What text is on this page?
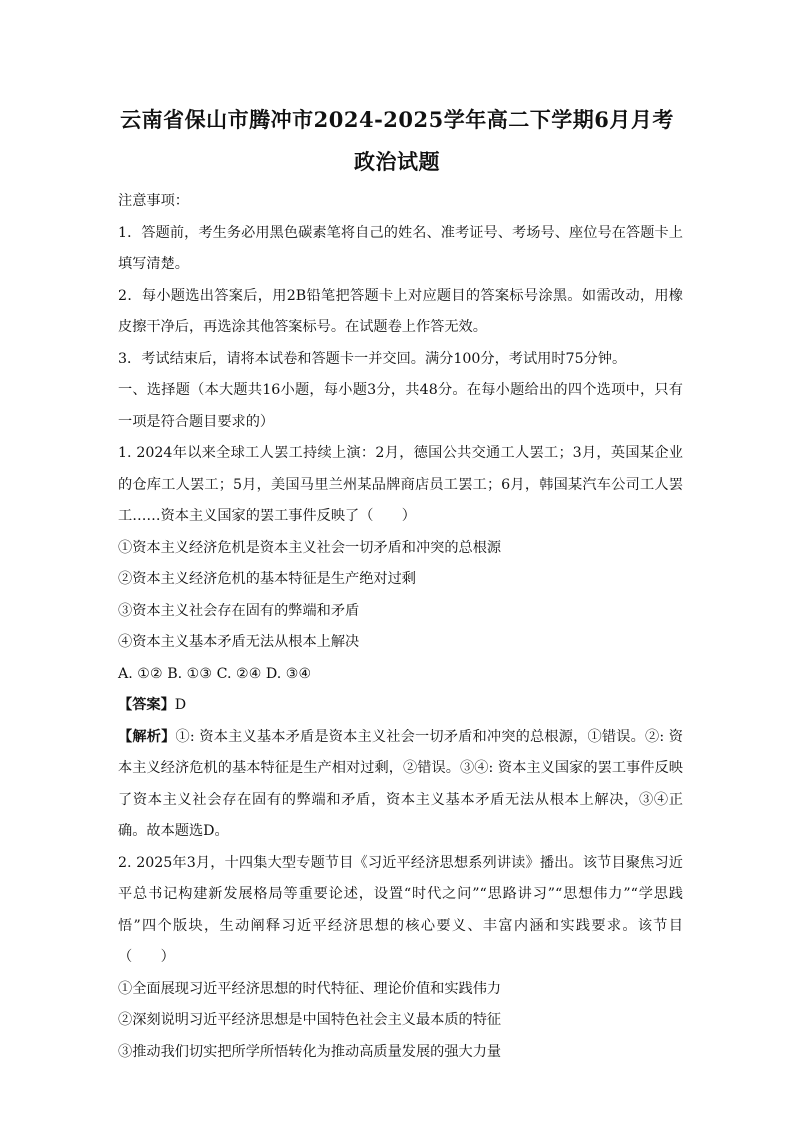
云南省保山市腾冲市2024-2025学年高二下学期6月月考
政治试题

注意事项：

1．答题前，考生务必用黑色碳素笔将自己的姓名、准考证号、考场号、座位号在答题卡上填写清楚。

2．每小题选出答案后，用2B铅笔把答题卡上对应题目的答案标号涂黑。如需改动，用橡皮擦干净后，再选涂其他答案标号。在试题卷上作答无效。

3．考试结束后，请将本试卷和答题卡一并交回。满分100分，考试用时75分钟。

一、选择题（本大题共16小题，每小题3分，共48分。在每小题给出的四个选项中，只有一项是符合题目要求的）

1. 2024年以来全球工人罢工持续上演：2月，德国公共交通工人罢工；3月，英国某企业的仓库工人罢工；5月，美国马里兰州某品牌商店员工罢工；6月，韩国某汽车公司工人罢工……资本主义国家的罢工事件反映了（　　）

①资本主义经济危机是资本主义社会一切矛盾和冲突的总根源

②资本主义经济危机的基本特征是生产绝对过剩

③资本主义社会存在固有的弊端和矛盾

④资本主义基本矛盾无法从根本上解决

A. ①② B. ①③ C. ②④ D. ③④

【答案】D

【解析】①: 资本主义基本矛盾是资本主义社会一切矛盾和冲突的总根源，①错误。②: 资本主义经济危机的基本特征是生产相对过剩，②错误。③④: 资本主义国家的罢工事件反映了资本主义社会存在固有的弊端和矛盾，资本主义基本矛盾无法从根本上解决，③④正确。故本题选D。

2. 2025年3月，十四集大型专题节目《习近平经济思想系列讲读》播出。该节目聚焦习近平总书记构建新发展格局等重要论述，设置“时代之问”“思路讲习”“思想伟力”“学思践悟”四个版块，生动阐释习近平经济思想的核心要义、丰富内涵和实践要求。该节目（　　）

①全面展现习近平经济思想的时代特征、理论价值和实践伟力

②深刻说明习近平经济思想是中国特色社会主义最本质的特征

③推动我们切实把所学所悟转化为推动高质量发展的强大力量
